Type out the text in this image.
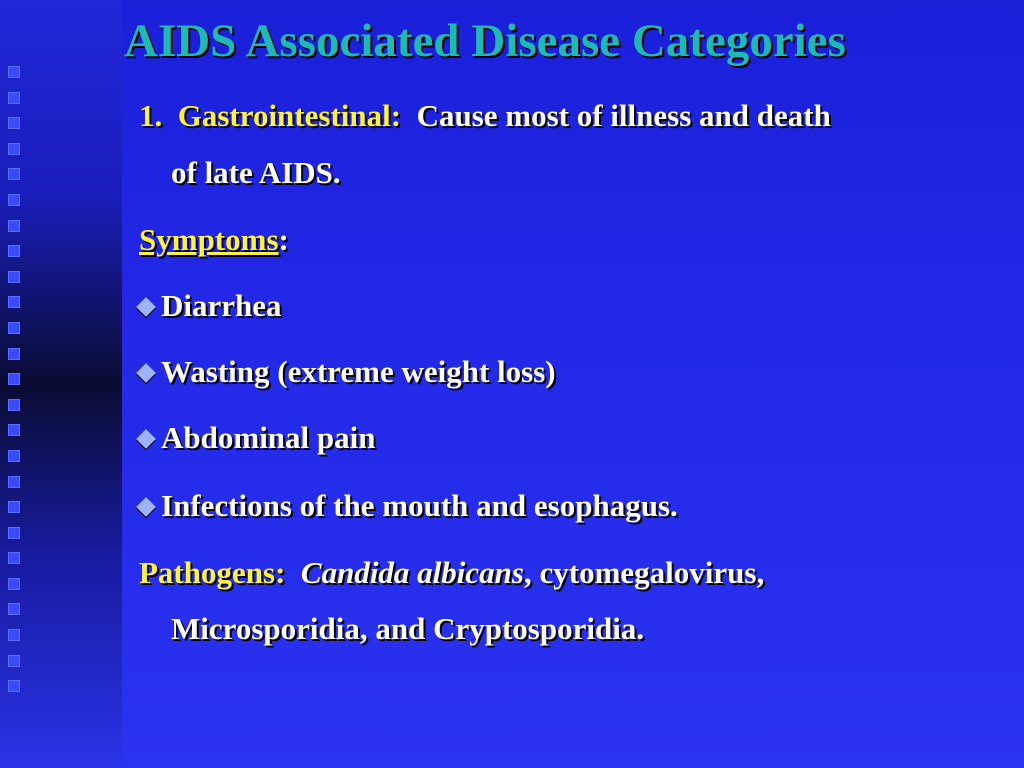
AIDS Associated Disease Categories
1. Gastrointestinal: Cause most of illness and death
of late AIDS.
Symptoms:
Diarrhea
Wasting (extreme weight loss)
Abdominal pain
Infections of the mouth and esophagus.
Pathogens: Candida albicans, cytomegalovirus,
Microsporidia, and Cryptosporidia.
